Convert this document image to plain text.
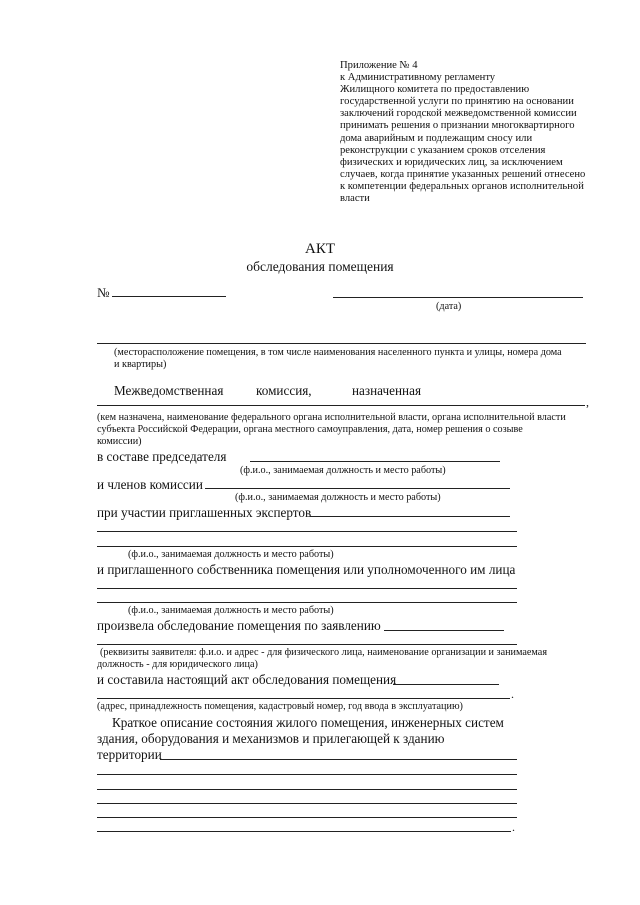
Приложение № 4
к Административному регламенту
Жилищного комитета по предоставлению
государственной услуги по принятию на основании
заключений городской межведомственной комиссии
принимать решения о признании многоквартирного
дома аварийным и подлежащим сносу или
реконструкции с указанием сроков отселения
физических и юридических лиц, за исключением
случаев, когда принятие указанных решений отнесено
к компетенции федеральных органов исполнительной
власти
АКТ
обследования помещения
№
(дата)
(месторасположение помещения, в том числе наименования населенного пункта и улицы, номера дома
и квартиры)
Межведомственная комиссия,	назначенная
,
(кем назначена, наименование федерального органа исполнительной власти, органа исполнительной власти
субъекта Российской Федерации, органа местного самоуправления, дата, номер решения о созыве
комиссии)
в составе председателя
(ф.и.о., занимаемая должность и место работы)
и членов комиссии
(ф.и.о., занимаемая должность и место работы)
при участии приглашенных экспертов
(ф.и.о., занимаемая должность и место работы)
и приглашенного собственника помещения или уполномоченного им лица
(ф.и.о., занимаемая должность и место работы)
произвела обследование помещения по заявлению
(реквизиты заявителя: ф.и.о. и адрес - для физического лица, наименование организации и занимаемая
должность - для юридического лица)
и составила настоящий акт обследования помещения
.
(адрес, принадлежность помещения, кадастровый номер, год ввода в эксплуатацию)
Краткое описание состояния жилого помещения, инженерных систем
здания, оборудования и механизмов и прилегающей к зданию
территории
.
